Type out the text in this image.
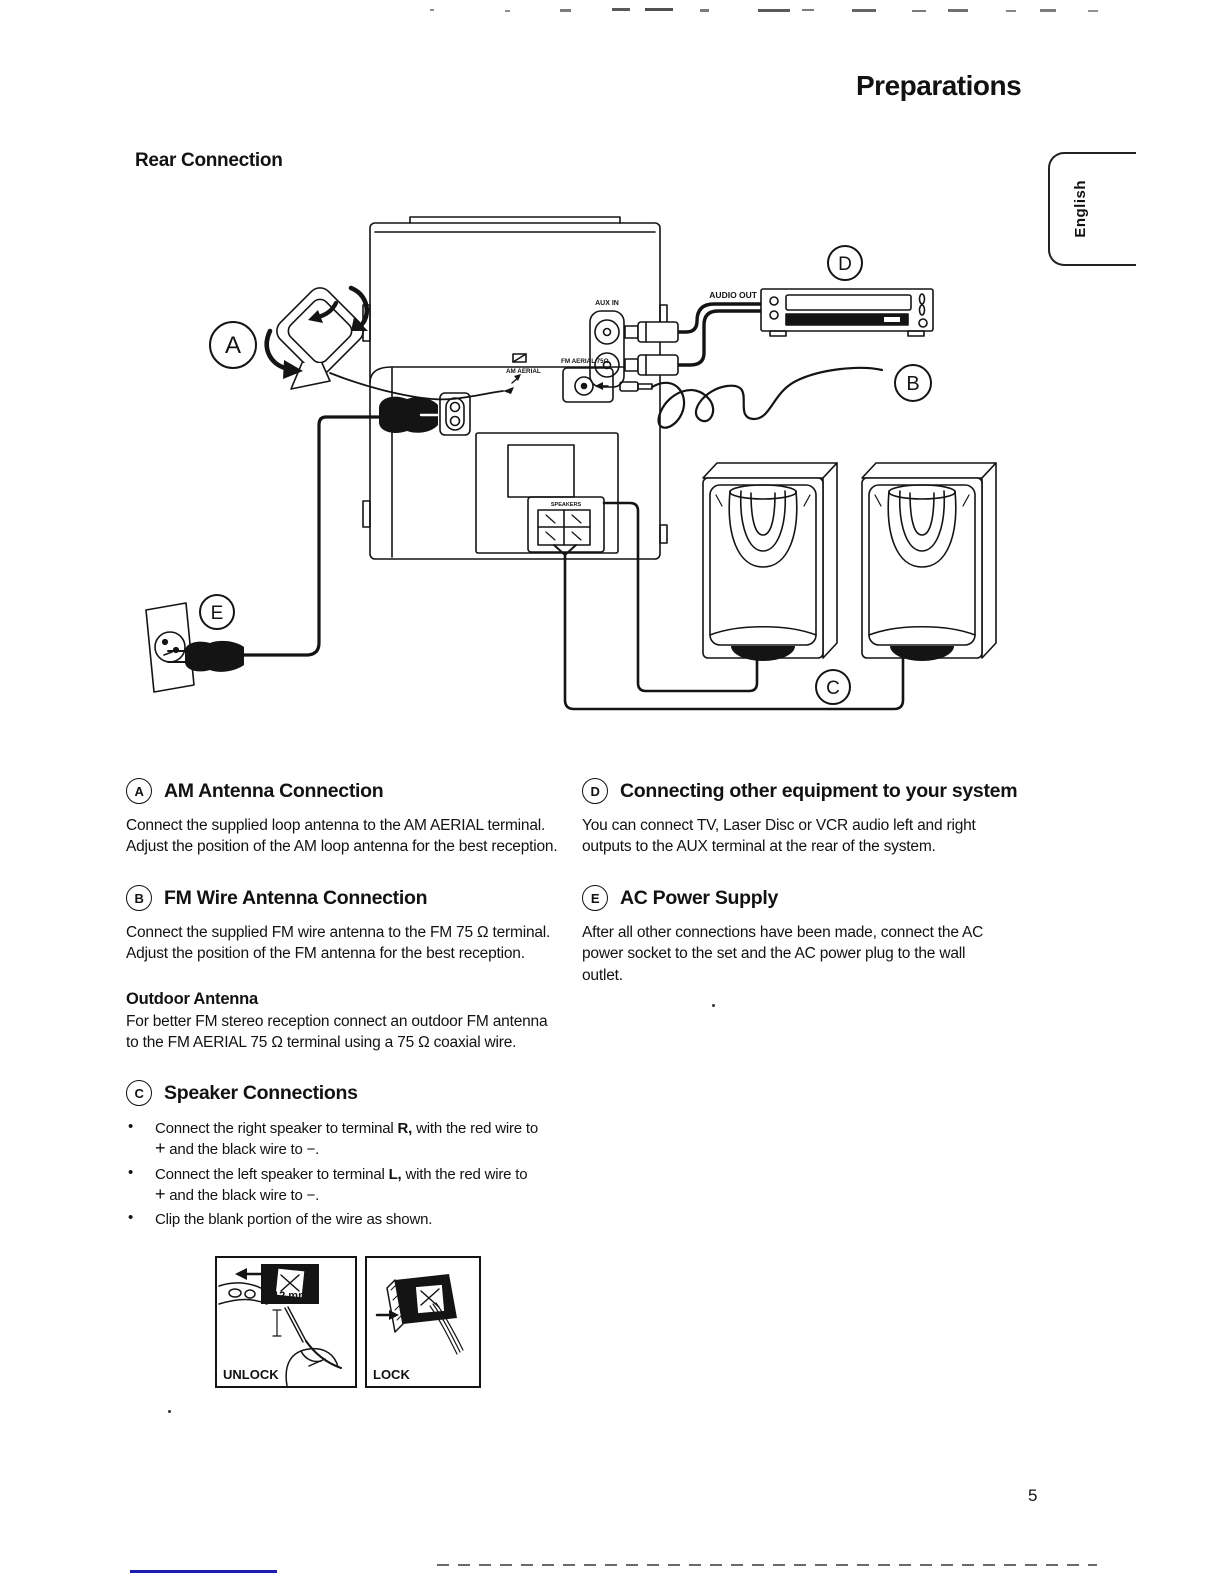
Preparations
Rear Connection
English
AUX IN
AUDIO OUT
AM AERIAL
FM AERIAL 75Ω
SPEAKERS
A
B
C
D
E
A	AM Antenna Connection
Connect the supplied loop antenna to the AM AERIAL terminal.
Adjust the position of the AM loop antenna for the best reception.
B	FM Wire Antenna Connection
Connect the supplied FM wire antenna to the FM 75 Ω terminal.
Adjust the position of the FM antenna for the best reception.
Outdoor Antenna
For better FM stereo reception connect an outdoor FM antenna
to the FM AERIAL 75 Ω terminal using a 75 Ω coaxial wire.
C	Speaker Connections
•	Connect the right speaker to terminal R, with the red wire to
+ and the black wire to −.
•	Connect the left speaker to terminal L, with the red wire to
+ and the black wire to −.
•	Clip the blank portion of the wire as shown.
D	Connecting other equipment to your system
You can connect TV, Laser Disc or VCR audio left and right
outputs to the AUX terminal at the rear of the system.
E	AC Power Supply
After all other connections have been made, connect the AC
power socket to the set and the AC power plug to the wall
outlet.
12 mm
UNLOCK	LOCK
5
